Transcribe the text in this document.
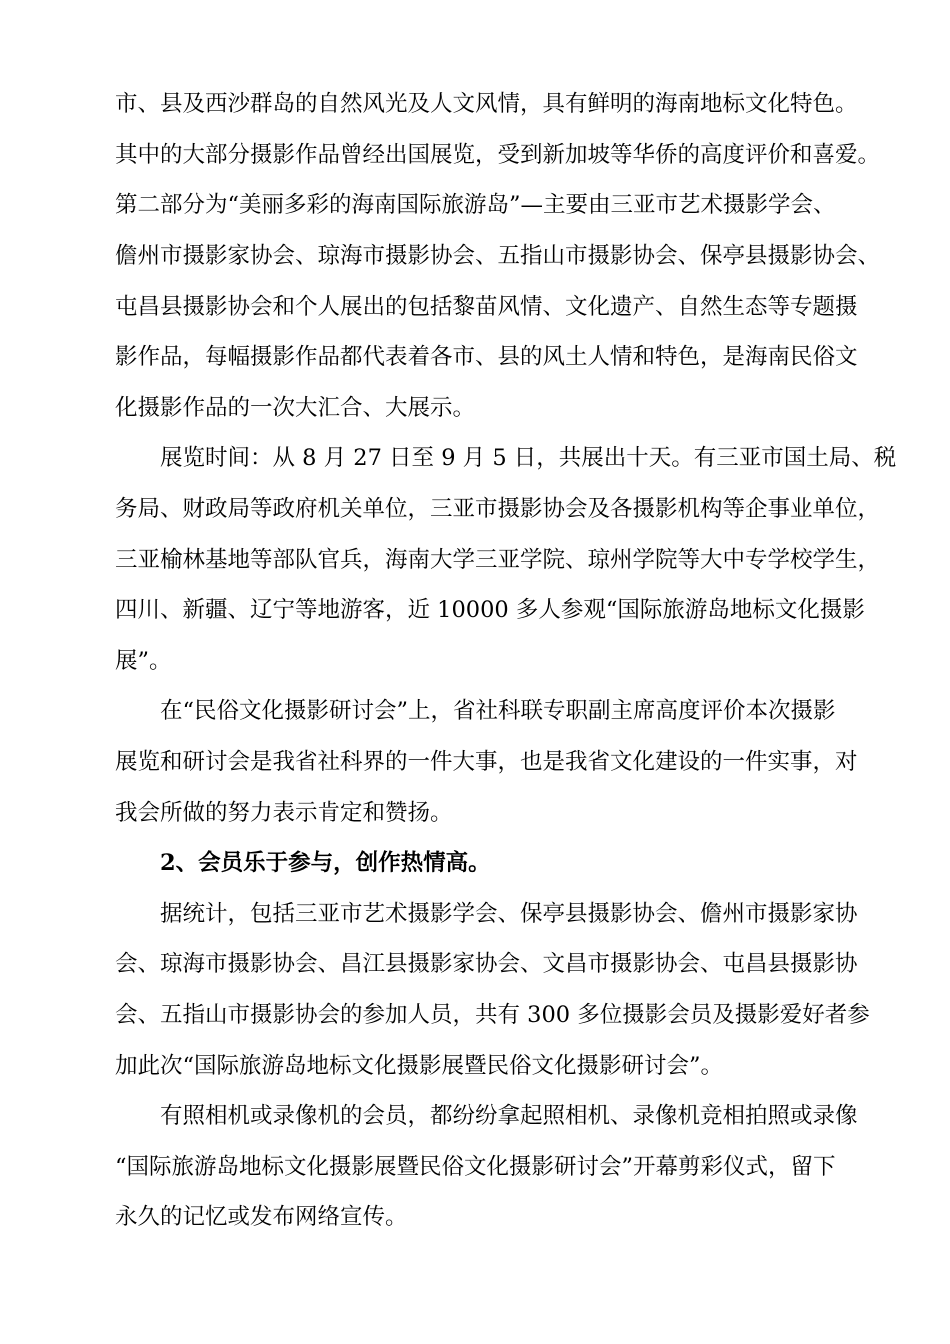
市、县及西沙群岛的自然风光及人文风情，具有鲜明的海南地标文化特色。
其中的大部分摄影作品曾经出国展览，受到新加坡等华侨的高度评价和喜爱。
第二部分为“美丽多彩的海南国际旅游岛”—主要由三亚市艺术摄影学会、
儋州市摄影家协会、琼海市摄影协会、五指山市摄影协会、保亭县摄影协会、
屯昌县摄影协会和个人展出的包括黎苗风情、文化遗产、自然生态等专题摄
影作品，每幅摄影作品都代表着各市、县的风土人情和特色，是海南民俗文
化摄影作品的一次大汇合、大展示。
展览时间：从 8 月 27 日至 9 月 5 日，共展出十天。有三亚市国土局、税
务局、财政局等政府机关单位，三亚市摄影协会及各摄影机构等企事业单位，
三亚榆林基地等部队官兵，海南大学三亚学院、琼州学院等大中专学校学生，
四川、新疆、辽宁等地游客，近 10000 多人参观“国际旅游岛地标文化摄影
展”。
在“民俗文化摄影研讨会”上，省社科联专职副主席高度评价本次摄影
展览和研讨会是我省社科界的一件大事，也是我省文化建设的一件实事，对
我会所做的努力表示肯定和赞扬。
2、会员乐于参与，创作热情高。
据统计，包括三亚市艺术摄影学会、保亭县摄影协会、儋州市摄影家协
会、琼海市摄影协会、昌江县摄影家协会、文昌市摄影协会、屯昌县摄影协
会、五指山市摄影协会的参加人员，共有 300 多位摄影会员及摄影爱好者参
加此次“国际旅游岛地标文化摄影展暨民俗文化摄影研讨会”。
有照相机或录像机的会员，都纷纷拿起照相机、录像机竞相拍照或录像
“国际旅游岛地标文化摄影展暨民俗文化摄影研讨会”开幕剪彩仪式，留下
永久的记忆或发布网络宣传。
